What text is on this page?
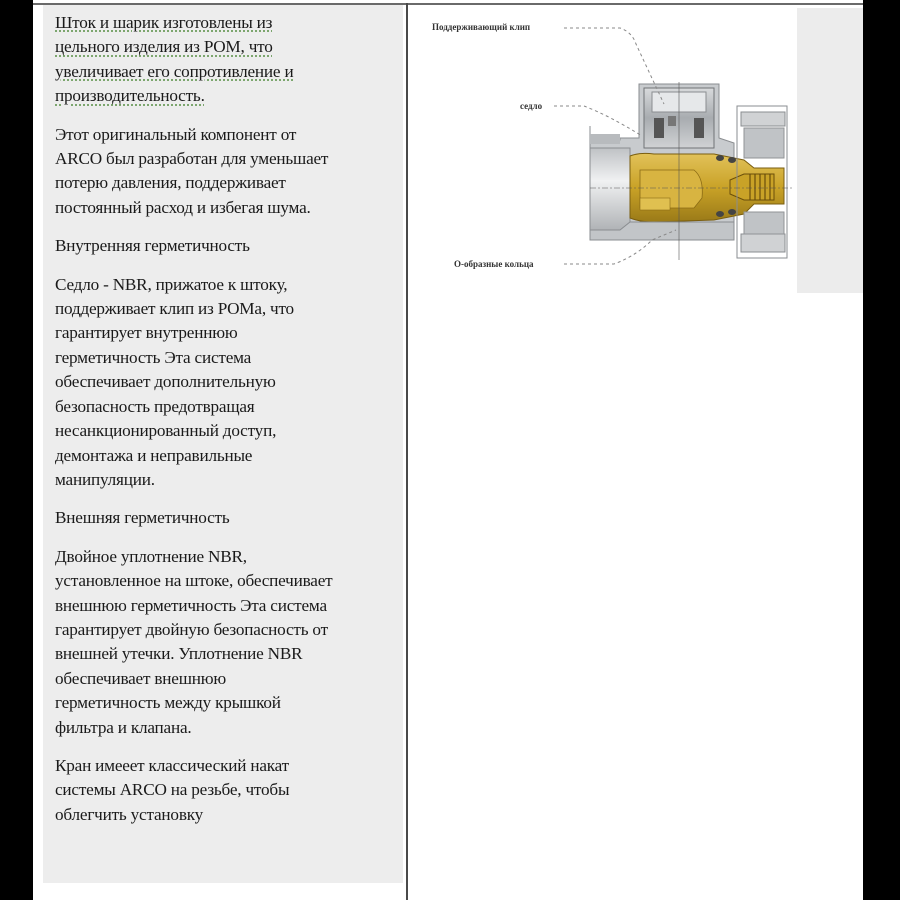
Шток и шарик изготовлены из
цельного изделия из POM, что
увеличивает его сопротивление и
производительность.

Этот оригинальный компонент от
ARCO был разработан для уменьшает
потерю давления, поддерживает
постоянный расход и избегая шума.

Внутренняя герметичность

Седло - NBR, прижатое к штоку,
поддерживает клип из POMа, что
гарантирует внутреннюю
герметичность Эта система
обеспечивает дополнительную
безопасность предотвращая
несанкционированный доступ,
демонтажа и неправильные
манипуляции.

Внешняя герметичность

Двойное уплотнение NBR,
установленное на штоке, обеспечивает
внешнюю герметичность Эта система
гарантирует двойную безопасность от
внешней утечки. Уплотнение NBR
обеспечивает внешнюю
герметичность между крышкой
фильтра и клапана.

Кран имееет классический накат
системы ARCO на резьбе, чтобы
облегчить установку

Поддерживающий клип
седло
О-образные кольца
